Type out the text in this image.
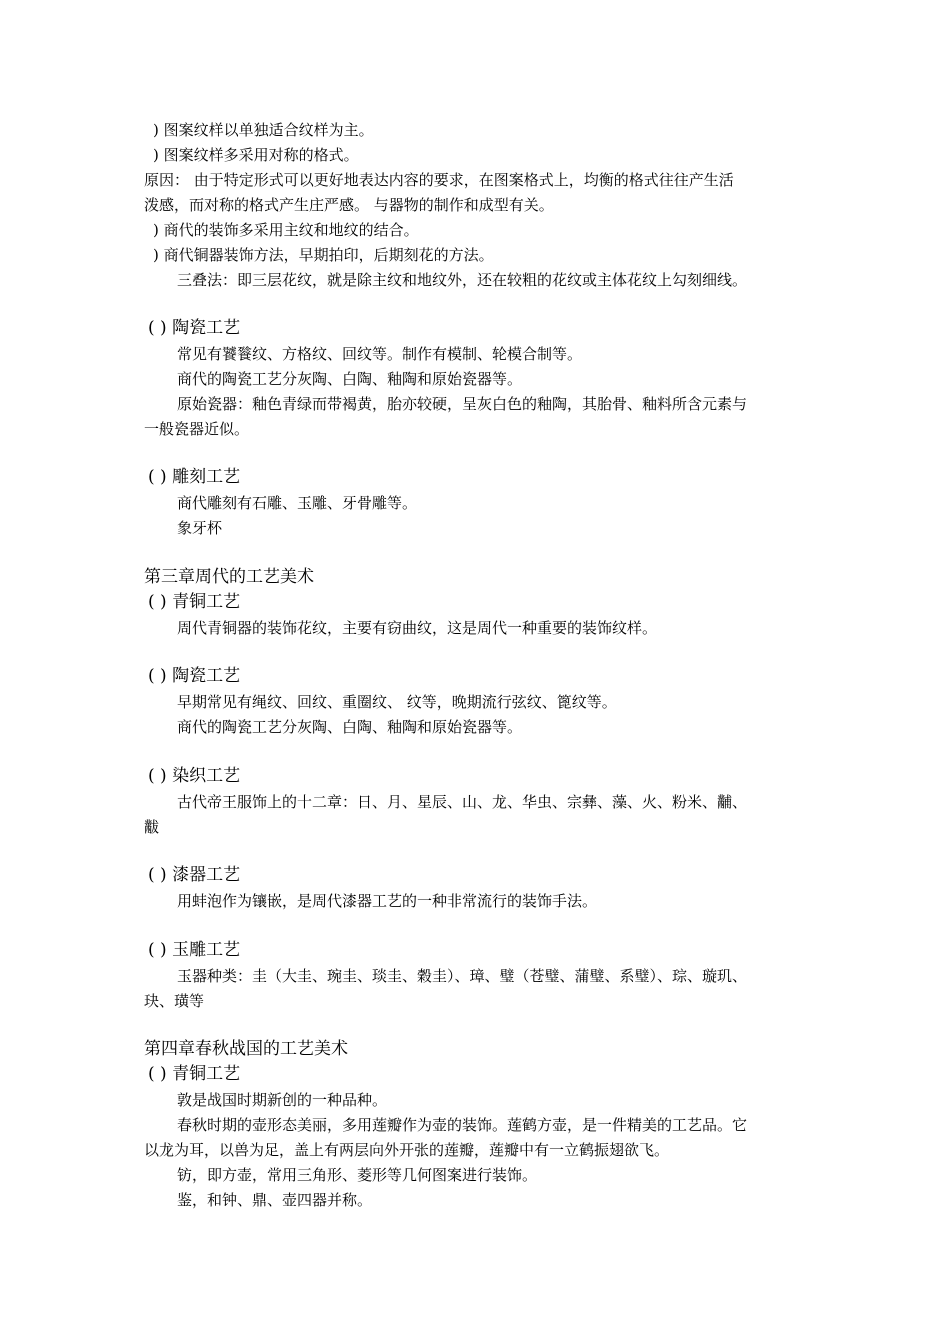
) 图案纹样以单独适合纹样为主。
) 图案纹样多采用对称的格式。
原因： 由于特定形式可以更好地表达内容的要求，在图案格式上，均衡的格式往往产生活
泼感，而对称的格式产生庄严感。 与器物的制作和成型有关。
) 商代的装饰多采用主纹和地纹的结合。
) 商代铜器装饰方法，早期拍印，后期刻花的方法。
三叠法：即三层花纹，就是除主纹和地纹外，还在较粗的花纹或主体花纹上勾刻细线。
( ) 陶瓷工艺
常见有饕餮纹、方格纹、回纹等。制作有模制、轮模合制等。
商代的陶瓷工艺分灰陶、白陶、釉陶和原始瓷器等。
原始瓷器：釉色青绿而带褐黄，胎亦较硬，呈灰白色的釉陶，其胎骨、釉料所含元素与
一般瓷器近似。
( ) 雕刻工艺
商代雕刻有石雕、玉雕、牙骨雕等。
象牙杯
第三章周代的工艺美术
( ) 青铜工艺
周代青铜器的装饰花纹，主要有窃曲纹，这是周代一种重要的装饰纹样。
( ) 陶瓷工艺
早期常见有绳纹、回纹、重圈纹、 纹等，晚期流行弦纹、篦纹等。
商代的陶瓷工艺分灰陶、白陶、釉陶和原始瓷器等。
( ) 染织工艺
古代帝王服饰上的十二章：日、月、星辰、山、龙、华虫、宗彝、藻、火、粉米、黼、
黻
( ) 漆器工艺
用蚌泡作为镶嵌，是周代漆器工艺的一种非常流行的装饰手法。
( ) 玉雕工艺
玉器种类：圭（大圭、琬圭、琰圭、穀圭）、璋、璧（苍璧、蒲璧、系璧）、琮、璇玑、
玦、璜等
第四章春秋战国的工艺美术
( ) 青铜工艺
敦是战国时期新创的一种品种。
春秋时期的壶形态美丽，多用莲瓣作为壶的装饰。莲鹤方壶，是一件精美的工艺品。它
以龙为耳，以兽为足，盖上有两层向外开张的莲瓣，莲瓣中有一立鹤振翅欲飞。
钫，即方壶，常用三角形、菱形等几何图案进行装饰。
鉴，和钟、鼎、壶四器并称。
